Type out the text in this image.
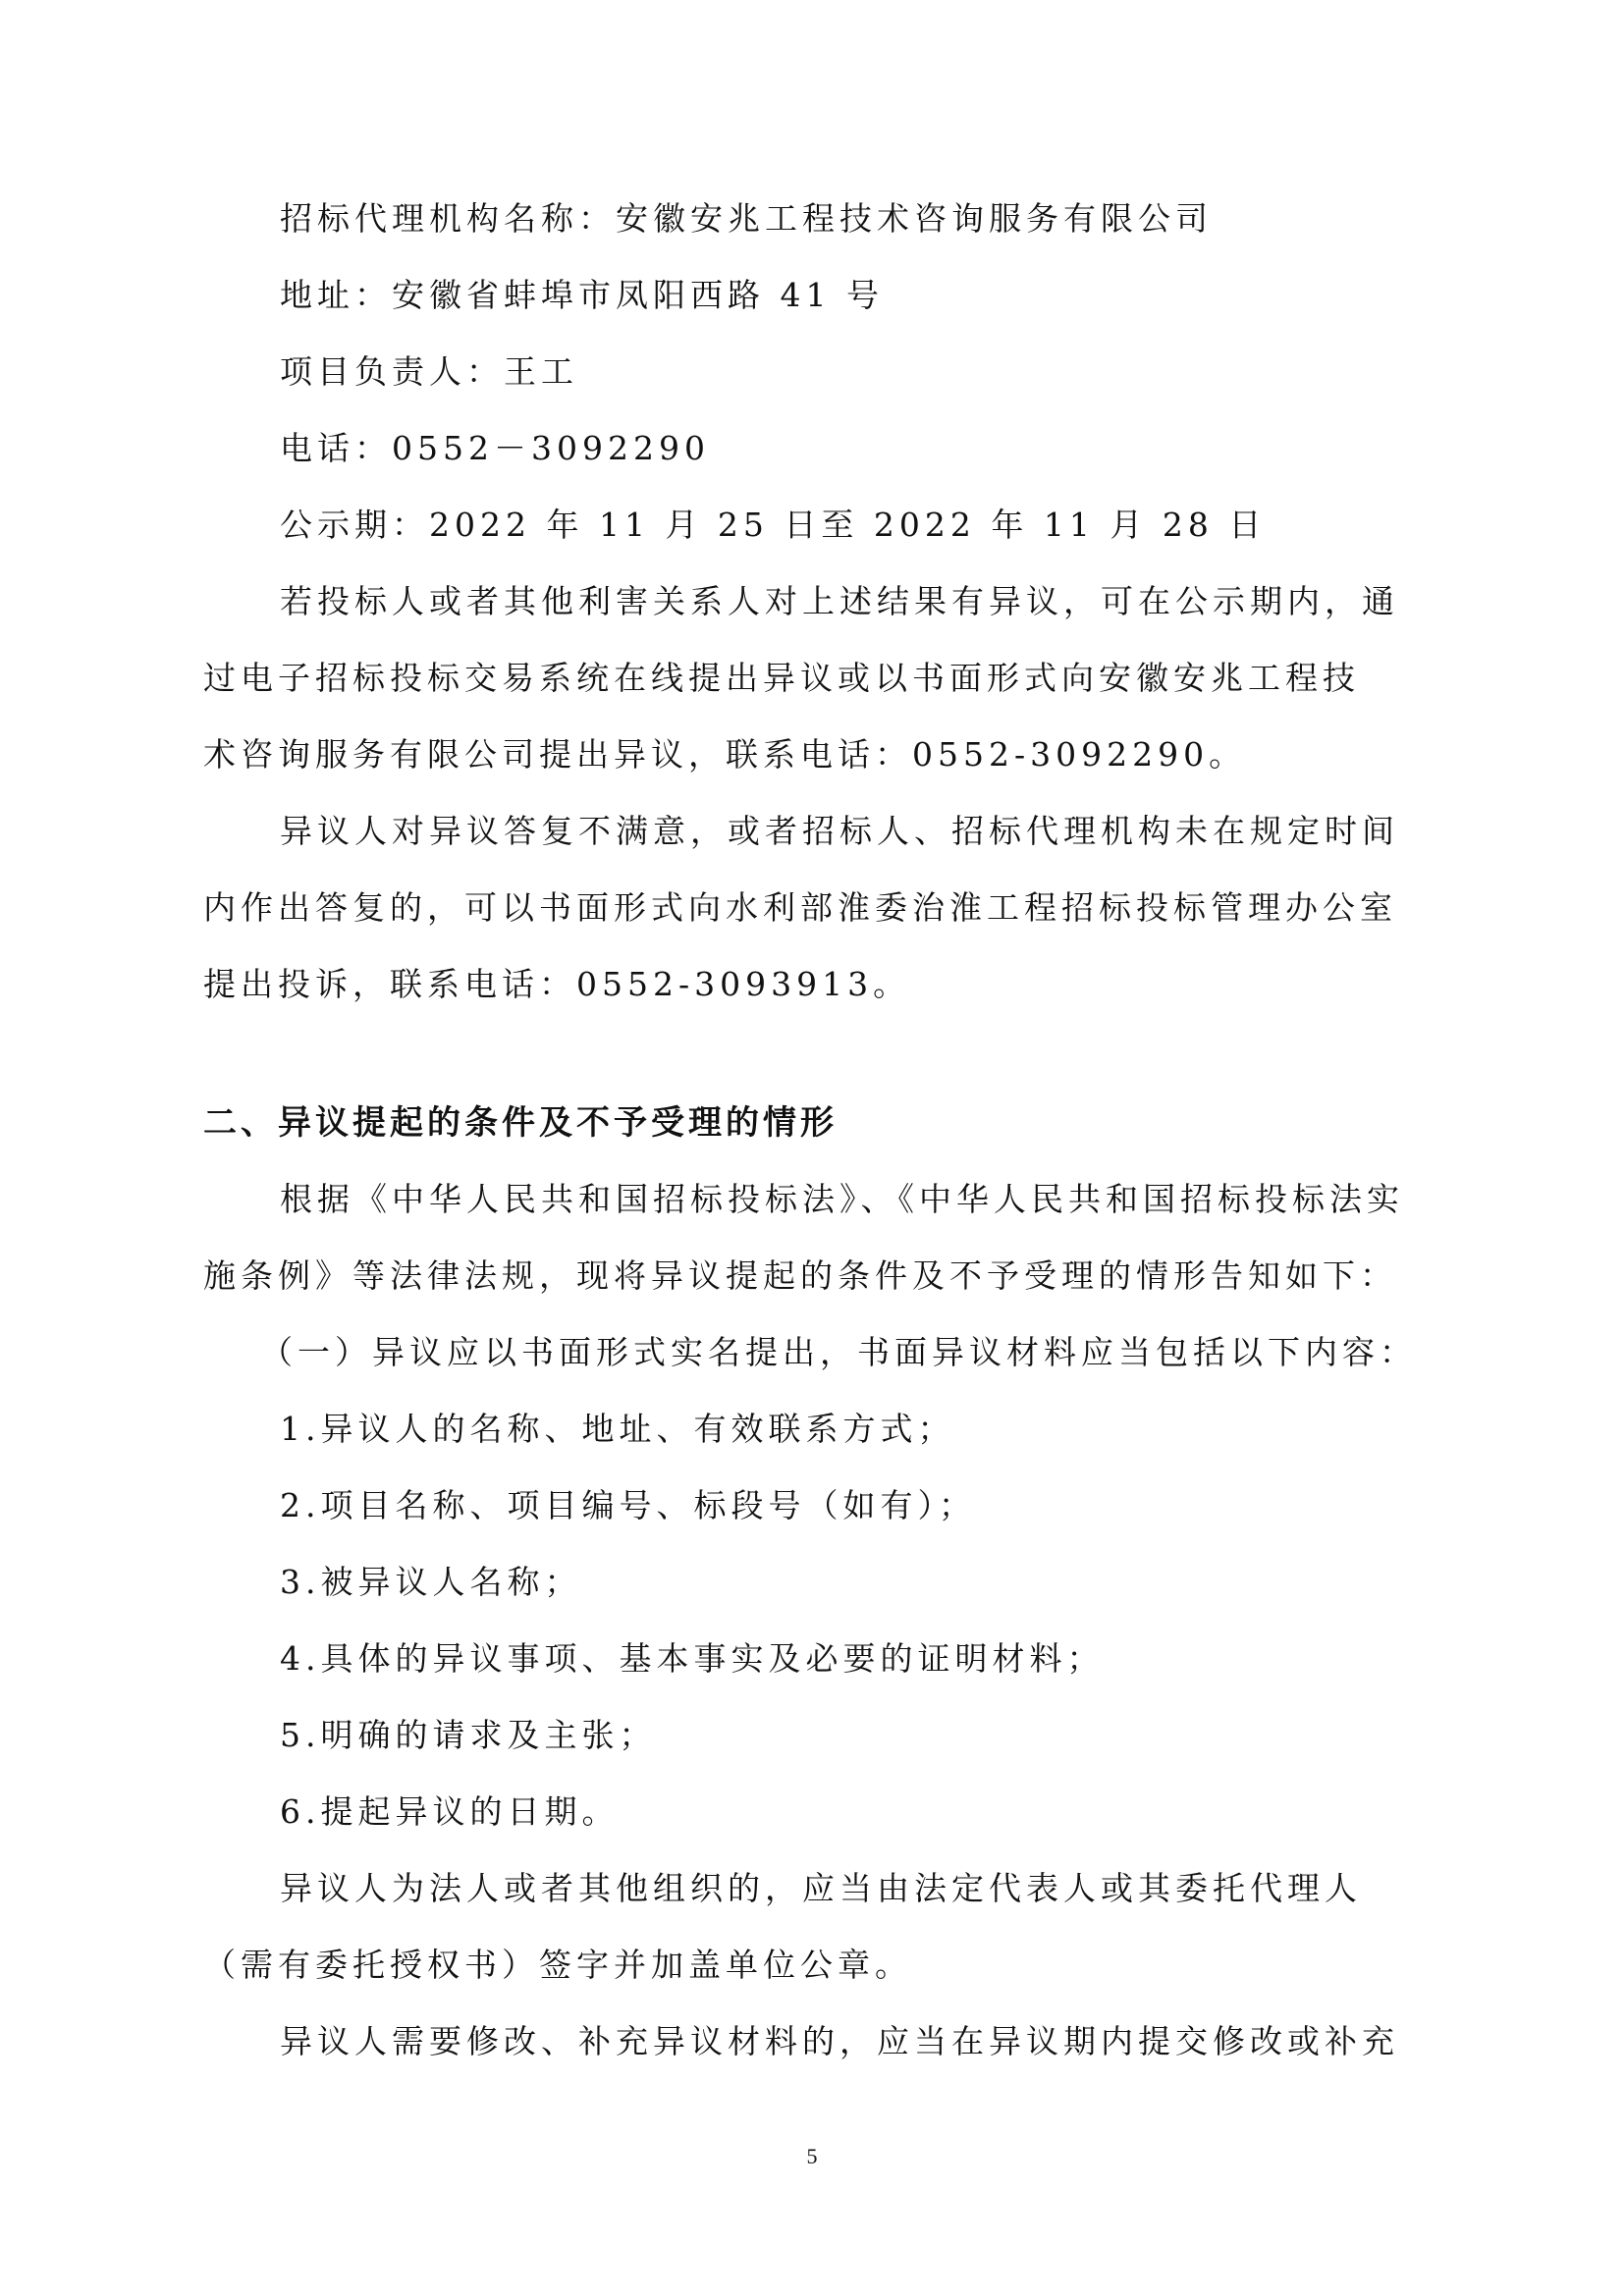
招标代理机构名称：安徽安兆工程技术咨询服务有限公司
地址：安徽省蚌埠市凤阳西路 41 号
项目负责人：王工
电话：0552－3092290
公示期：2022 年 11 月 25 日至 2022 年 11 月 28 日
若投标人或者其他利害关系人对上述结果有异议，可在公示期内，通
过电子招标投标交易系统在线提出异议或以书面形式向安徽安兆工程技
术咨询服务有限公司提出异议，联系电话：0552-3092290。
异议人对异议答复不满意，或者招标人、招标代理机构未在规定时间
内作出答复的，可以书面形式向水利部淮委治淮工程招标投标管理办公室
提出投诉，联系电话：0552-3093913。
二、异议提起的条件及不予受理的情形
根据《中华人民共和国招标投标法》、《中华人民共和国招标投标法实
施条例》等法律法规，现将异议提起的条件及不予受理的情形告知如下：
（一）异议应以书面形式实名提出，书面异议材料应当包括以下内容：
1.异议人的名称、地址、有效联系方式；
2.项目名称、项目编号、标段号（如有）；
3.被异议人名称；
4.具体的异议事项、基本事实及必要的证明材料；
5.明确的请求及主张；
6.提起异议的日期。
异议人为法人或者其他组织的，应当由法定代表人或其委托代理人
（需有委托授权书）签字并加盖单位公章。
异议人需要修改、补充异议材料的，应当在异议期内提交修改或补充
5
